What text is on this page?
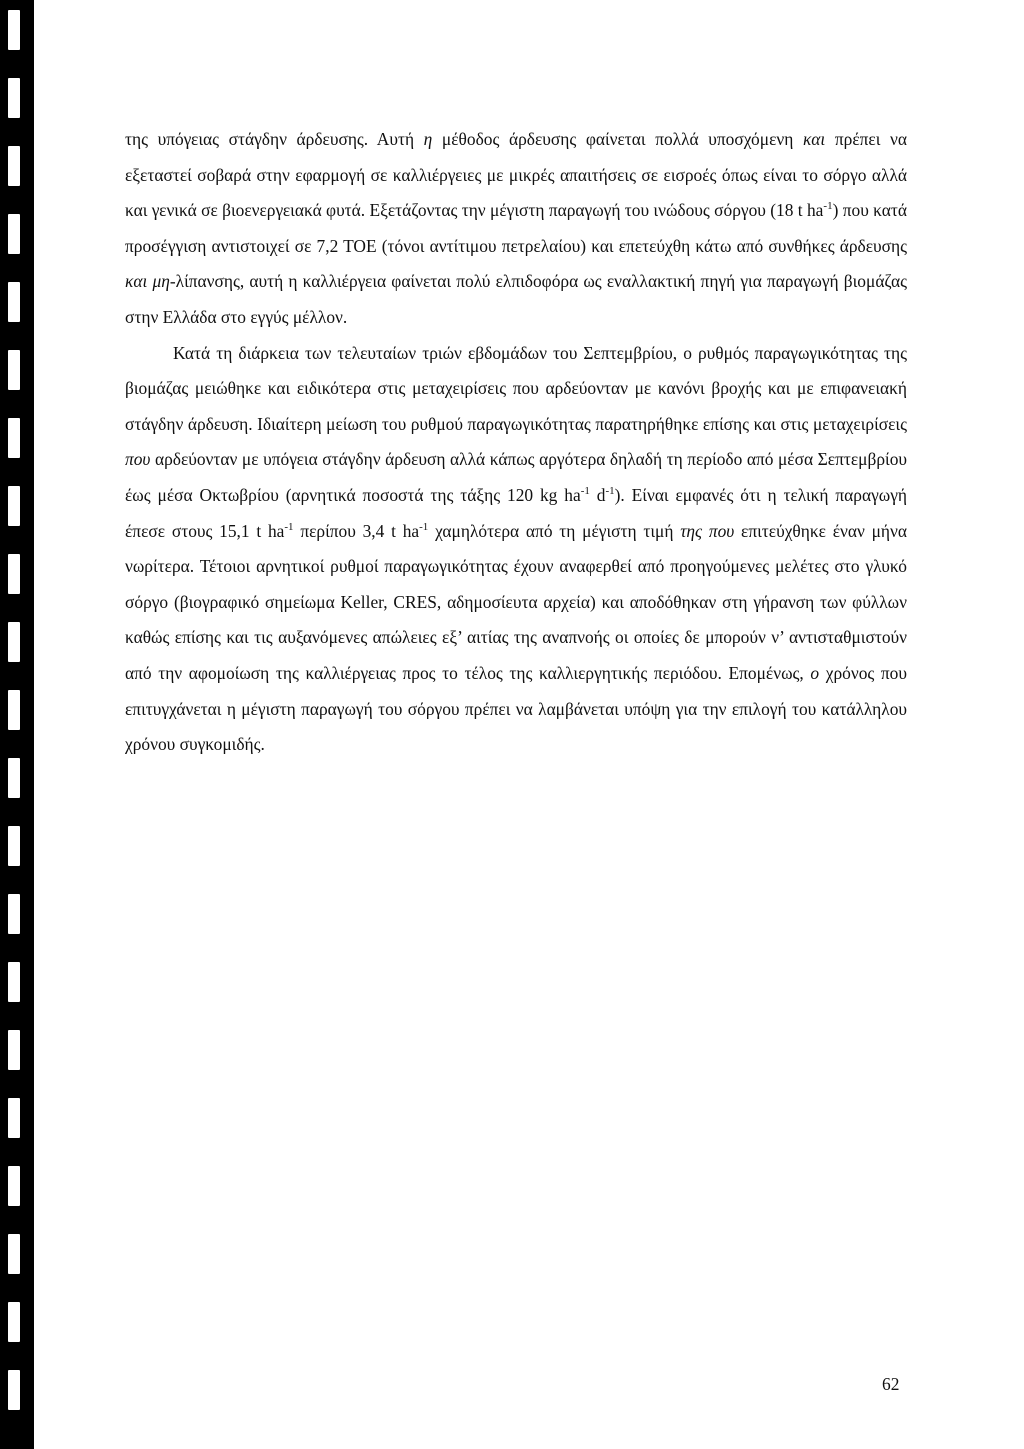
της υπόγειας στάγδην άρδευσης. Αυτή η μέθοδος άρδευσης φαίνεται πολλά υποσχόμενη και πρέπει να εξεταστεί σοβαρά στην εφαρμογή σε καλλιέργειες με μικρές απαιτήσεις σε εισροές όπως είναι το σόργο αλλά και γενικά σε βιοενεργειακά φυτά. Εξετάζοντας την μέγιστη παραγωγή του ινώδους σόργου (18 t $ha^{-1}$) που κατά προσέγγιση αντιστοιχεί σε 7,2 ΤΟΕ (τόνοι αντίτιμου πετρελαίου) και επετεύχθη κάτω από συνθήκες άρδευσης και μη-λίπανσης, αυτή η καλλιέργεια φαίνεται πολύ ελπιδοφόρα ως εναλλακτική πηγή για παραγωγή βιομάζας στην Ελλάδα στο εγγύς μέλλον.

Κατά τη διάρκεια των τελευταίων τριών εβδομάδων του Σεπτεμβρίου, ο ρυθμός παραγωγικότητας της βιομάζας μειώθηκε και ειδικότερα στις μεταχειρίσεις που αρδεύονταν με κανόνι βροχής και με επιφανειακή στάγδην άρδευση. Ιδιαίτερη μείωση του ρυθμού παραγωγικότητας παρατηρήθηκε επίσης και στις μεταχειρίσεις που αρδεύονταν με υπόγεια στάγδην άρδευση αλλά κάπως αργότερα δηλαδή τη περίοδο από μέσα Σεπτεμβρίου έως μέσα Οκτωβρίου (αρνητικά ποσοστά της τάξης 120 kg $ha^{-1}$ $d^{-1}$). Είναι εμφανές ότι η τελική παραγωγή έπεσε στους 15,1 t $ha^{-1}$ περίπου 3,4 t $ha^{-1}$ χαμηλότερα από τη μέγιστη τιμή της που επιτεύχθηκε έναν μήνα νωρίτερα. Τέτοιοι αρνητικοί ρυθμοί παραγωγικότητας έχουν αναφερθεί από προηγούμενες μελέτες στο γλυκό σόργο (βιογραφικό σημείωμα Keller, CRES, αδημοσίευτα αρχεία) και αποδόθηκαν στη γήρανση των φύλλων καθώς επίσης και τις αυξανόμενες απώλειες εξ’ αιτίας της αναπνοής οι οποίες δε μπορούν ν’ αντισταθμιστούν από την αφομοίωση της καλλιέργειας προς το τέλος της καλλιεργητικής περιόδου. Επομένως, ο χρόνος που επιτυγχάνεται η μέγιστη παραγωγή του σόργου πρέπει να λαμβάνεται υπόψη για την επιλογή του κατάλληλου χρόνου συγκομιδής.

62
